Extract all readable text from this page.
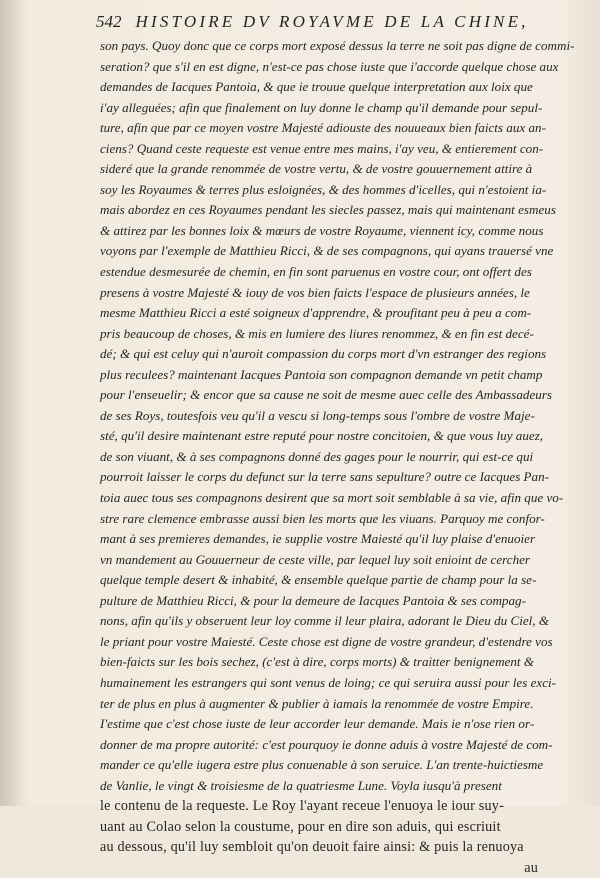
542 HISTOIRE DV ROYAVME DE LA CHINE,
son pays. Quoy donc que ce corps mort exposé dessus la terre ne soit pas digne de commi-
seration? que s'il en est digne, n'est-ce pas chose iuste que i'accorde quelque chose aux
demandes de Iacques Pantoia, & que ie trouue quelque interpretation aux loix que
i'ay alleguées; afin que finalement on luy donne le champ qu'il demande pour sepul-
ture, afin que par ce moyen vostre Majesté adiouste des nouueaux bien faicts aux an-
ciens? Quand ceste requeste est venue entre mes mains, i'ay veu, & entierement con-
sideré que la grande renommée de vostre vertu, & de vostre gouuernement attire à
soy les Royaumes & terres plus esloignées, & des hommes d'icelles, qui n'estoient ia-
mais abordez en ces Royaumes pendant les siecles passez, mais qui maintenant esmeus
& attirez par les bonnes loix & mœurs de vostre Royaume, viennent icy, comme nous
voyons par l'exemple de Matthieu Ricci, & de ses compagnons, qui ayans trauersé vne
estendue desmesurée de chemin, en fin sont paruenus en vostre cour, ont offert des
presens à vostre Majesté & iouy de vos bien faicts l'espace de plusieurs années, le
mesme Matthieu Ricci a esté soigneux d'apprendre, & proufitant peu à peu a com-
pris beaucoup de choses, & mis en lumiere des liures renommez, & en fin est decé-
dé; & qui est celuy qui n'auroit compassion du corps mort d'vn estranger des regions
plus reculees? maintenant Iacques Pantoia son compagnon demande vn petit champ
pour l'enseuelir; & encor que sa cause ne soit de mesme auec celle des Ambassadeurs
de ses Roys, toutesfois veu qu'il a vescu si long-temps sous l'ombre de vostre Maje-
sté, qu'il desire maintenant estre reputé pour nostre concitoien, & que vous luy auez,
de son viuant, & à ses compagnons donné des gages pour le nourrir, qui est-ce qui
pourroit laisser le corps du defunct sur la terre sans sepulture? outre ce Iacques Pan-
toia auec tous ses compagnons desirent que sa mort soit semblable à sa vie, afin que vo-
stre rare clemence embrasse aussi bien les morts que les viuans. Parquoy me confor-
mant à ses premieres demandes, ie supplie vostre Maiesté qu'il luy plaise d'enuoier
vn mandement au Gouuerneur de ceste ville, par lequel luy soit enioint de cercher
quelque temple desert & inhabité, & ensemble quelque partie de champ pour la se-
pulture de Matthieu Ricci, & pour la demeure de Iacques Pantoia & ses compag-
nons, afin qu'ils y obseruent leur loy comme il leur plaira, adorant le Dieu du Ciel, &
le priant pour vostre Maiesté. Ceste chose est digne de vostre grandeur, d'estendre vos
bien-faicts sur les bois sechez, (c'est à dire, corps morts) & traitter benignement &
humainement les estrangers qui sont venus de loing; ce qui seruira aussi pour les exci-
ter de plus en plus à augmenter & publier à iamais la renommée de vostre Empire.
I'estime que c'est chose iuste de leur accorder leur demande. Mais ie n'ose rien or-
donner de ma propre autorité: c'est pourquoy ie donne aduis à vostre Majesté de com-
mander ce qu'elle iugera estre plus conuenable à son seruice. L'an trente-huictiesme
de Vanlie, le vingt & troisiesme de la quatriesme Lune. Voyla iusqu'à present
le contenu de la requeste. Le Roy l'ayant receue l'enuoya le iour suy-
uant au Colao selon la coustume, pour en dire son aduis, qui escriuit
au dessous, qu'il luy sembloit qu'on deuoit faire ainsi: & puis la renuoya
au
